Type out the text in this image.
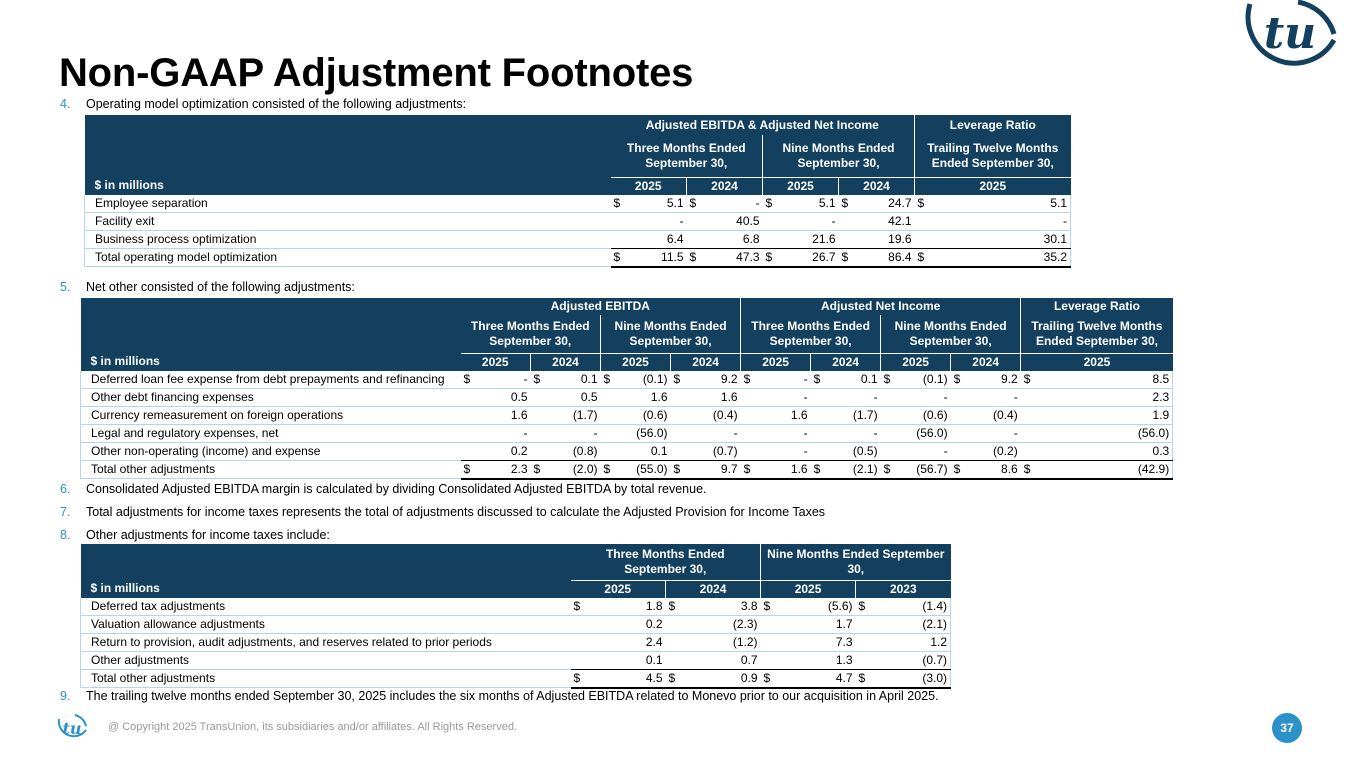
Non-GAAP Adjustment Footnotes
tu
4. Operating model optimization consisted of the following adjustments:
$ in millions	Adjusted EBITDA & Adjusted Net Income								Leverage Ratio	
	Three Months Ended September 30,				Nine Months Ended September 30,				Trailing Twelve Months Ended September 30,	
	2025		2024		2025		2024		2025	
Employee separation	$	5.1	$	-	$	5.1	$	24.7	$	5.1
Facility exit		-		40.5		-		42.1		-
Business process optimization		6.4		6.8		21.6		19.6		30.1
Total operating model optimization	$	11.5	$	47.3	$	26.7	$	86.4	$	35.2
5. Net other consisted of the following adjustments:
$ in millions	Adjusted EBITDA								Adjusted Net Income								Leverage Ratio	
	Three Months Ended September 30,				Nine Months Ended September 30,				Three Months Ended September 30,				Nine Months Ended September 30,				Trailing Twelve Months Ended September 30,	
	2025		2024		2025		2024		2025		2024		2025		2024		2025	
Deferred loan fee expense from debt prepayments and refinancing	$	-	$	0.1	$	(0.1)	$	9.2	$	-	$	0.1	$	(0.1)	$	9.2	$	8.5
Other debt financing expenses		0.5		0.5		1.6		1.6		-		-		-		-		2.3
Currency remeasurement on foreign operations		1.6		(1.7)		(0.6)		(0.4)		1.6		(1.7)		(0.6)		(0.4)		1.9
Legal and regulatory expenses, net		-		-		(56.0)		-		-		-		(56.0)		-		(56.0)
Other non-operating (income) and expense		0.2		(0.8)		0.1		(0.7)		-		(0.5)		-		(0.2)		0.3
Total other adjustments	$	2.3	$	(2.0)	$	(55.0)	$	9.7	$	1.6	$	(2.1)	$	(56.7)	$	8.6	$	(42.9)
6. Consolidated Adjusted EBITDA margin is calculated by dividing Consolidated Adjusted EBITDA by total revenue.
7. Total adjustments for income taxes represents the total of adjustments discussed to calculate the Adjusted Provision for Income Taxes
8. Other adjustments for income taxes include:
$ in millions	Three Months Ended September 30,				Nine Months Ended September 30,			
	2025		2024		2025		2023	
Deferred tax adjustments	$	1.8	$	3.8	$	(5.6)	$	(1.4)
Valuation allowance adjustments		0.2		(2.3)		1.7		(2.1)
Return to provision, audit adjustments, and reserves related to prior periods		2.4		(1.2)		7.3		1.2
Other adjustments		0.1		0.7		1.3		(0.7)
Total other adjustments	$	4.5	$	0.9	$	4.7	$	(3.0)
9. The trailing twelve months ended September 30, 2025 includes the six months of Adjusted EBITDA related to Monevo prior to our acquisition in April 2025.
tu @ Copyright 2025 TransUnion, its subsidiaries and/or affiliates. All Rights Reserved.	37
